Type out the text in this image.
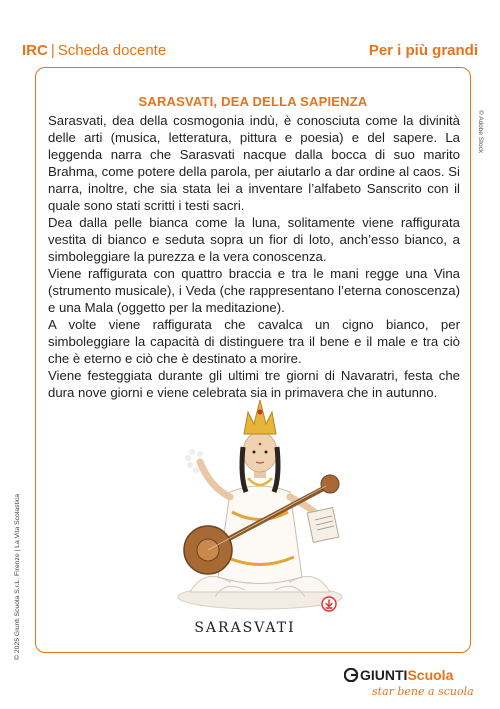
IRC | Scheda docente	Per i più grandi
SARASVATI, DEA DELLA SAPIENZA

Sarasvati, dea della cosmogonia indù, è conosciuta come la divinità delle arti (musica, letteratura, pittura e poesia) e del sapere. La leggenda narra che Sarasvati nacque dalla bocca di suo marito Brahma, come potere della parola, per aiutarlo a dar ordine al caos. Si narra, inoltre, che sia stata lei a inventare l’alfabeto Sanscrito con il quale sono stati scritti i testi sacri.

Dea dalla pelle bianca come la luna, solitamente viene raffigurata vestita di bianco e seduta sopra un fior di loto, anch’esso bianco, a simboleggiare la purezza e la vera conoscenza.

Viene raffigurata con quattro braccia e tra le mani regge una Vina (strumento musicale), i Veda (che rappresentano l’eterna conoscenza) e una Mala (oggetto per la meditazione).

A volte viene raffigurata che cavalca un cigno bianco, per simboleggiare la capacità di distinguere tra il bene e il male e tra ciò che è eterno e ciò che è destinato a morire.

Viene festeggiata durante gli ultimi tre giorni di Navaratri, festa che dura nove giorni e viene celebrata sia in primavera che in autunno.

© Adobe Stock
© 2025 Giunti Scuola S.r.L. Firenze | La Vita Scolastica	SARASVATI
GIUNTIScuola
star bene a scuola
